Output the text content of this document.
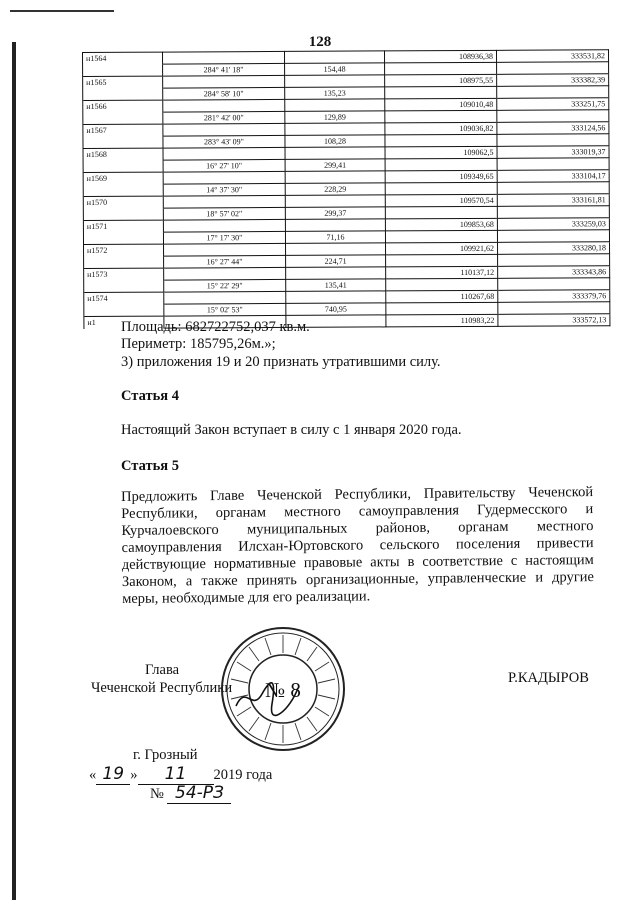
128
н1564			108936,38	333531,82
	284° 41' 18"	154,48		
н1565			108975,55	333382,39
	284° 58' 10"	135,23		
н1566			109010,48	333251,75
	281° 42' 00"	129,89		
н1567			109036,82	333124,56
	283° 43' 09"	108,28		
н1568			109062,5	333019,37
	16° 27' 10"	299,41		
н1569			109349,65	333104,17
	14° 37' 30"	228,29		
н1570			109570,54	333161,81
	18° 57' 02"	299,37		
н1571			109853,68	333259,03
	17° 17' 30"	71,16		
н1572			109921,62	333280,18
	16° 27' 44"	224,71		
н1573			110137,12	333343,86
	15° 22' 29"	135,41		
н1574			110267,68	333379,76
	15° 02' 53"	740,95		
н1			110983,22	333572,13
Площадь: 682722752,037 кв.м.
Периметр: 185795,26м.»;
3) приложения 19 и 20 признать утратившими силу.
Статья 4
Настоящий Закон вступает в силу с 1 января 2020 года.
Статья 5

Предложить Главе Чеченской Республики, Правительству Чеченской Республики, органам местного самоуправления Гудермесского и Курчалоевского муниципальных районов, органам местного самоуправления Илсхан-Юртовского сельского поселения привести действующие нормативные правовые акты в соответствие с настоящим Законом, а также принять организационные, управленческие и другие меры, необходимые для его реализации.

Глава
Чеченской Республики
Р.КАДЫРОВ
№ 8
г. Грозный
« 19 » 11 2019 года
№ 54-РЗ
